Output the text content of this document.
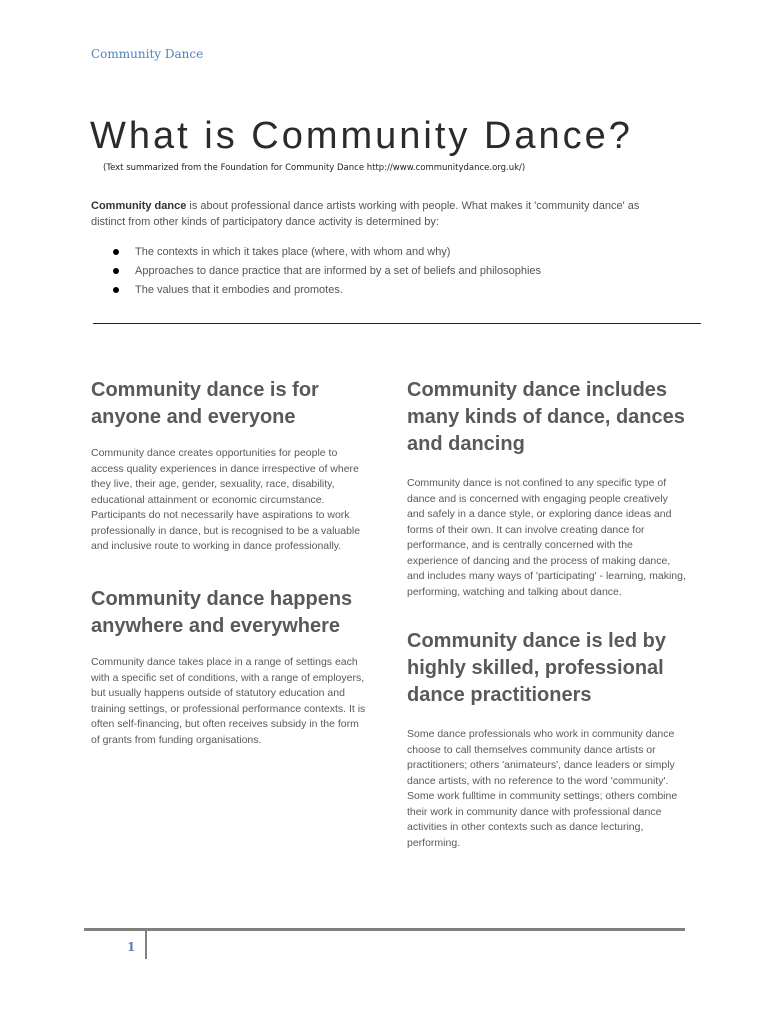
Community Dance
What is Community Dance?
(Text summarized from the Foundation for Community Dance http://www.communitydance.org.uk/)

Community dance is about professional dance artists working with people. What makes it 'community dance' as distinct from other kinds of participatory dance activity is determined by:

The contexts in which it takes place (where, with whom and why)
Approaches to dance practice that are informed by a set of beliefs and philosophies
The values that it embodies and promotes.
Community dance is for anyone and everyone

Community dance creates opportunities for people to access quality experiences in dance irrespective of where they live, their age, gender, sexuality, race, disability, educational attainment or economic circumstance. Participants do not necessarily have aspirations to work professionally in dance, but is recognised to be a valuable and inclusive route to working in dance professionally.

Community dance happens anywhere and everywhere

Community dance takes place in a range of settings each with a specific set of conditions, with a range of employers, but usually happens outside of statutory education and training settings, or professional performance contexts. It is often self-financing, but often receives subsidy in the form of grants from funding organisations.

Community dance includes many kinds of dance, dances and dancing

Community dance is not confined to any specific type of dance and is concerned with engaging people creatively and safely in a dance style, or exploring dance ideas and forms of their own. It can involve creating dance for performance, and is centrally concerned with the experience of dancing and the process of making dance, and includes many ways of 'participating' - learning, making, performing, watching and talking about dance.

Community dance is led by highly skilled, professional dance practitioners

Some dance professionals who work in community dance choose to call themselves community dance artists or practitioners; others 'animateurs', dance leaders or simply dance artists, with no reference to the word 'community'. Some work fulltime in community settings; others combine their work in community dance with professional dance activities in other contexts such as dance lecturing, performing.

1
